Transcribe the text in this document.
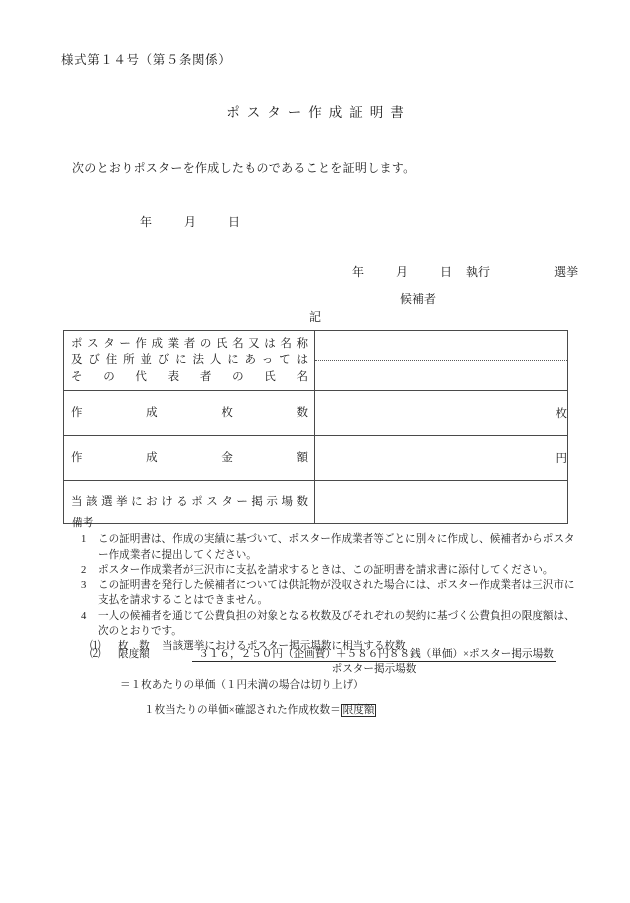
様式第１４号（第５条関係）
ポスター作成証明書
次のとおりポスターを作成したものであることを証明します。
年	月	日
年	月	日 執行	選挙
候補者
記
ポスター作成業者の氏名又は名称
及び住所並びに法人にあっては
その代表者の氏名	

作成枚数	枚

作成金額	円

当該選挙におけるポスター掲示場数	

備考
1	この証明書は、作成の実績に基づいて、ポスター作成業者等ごとに別々に作成し、候補者からポスター作成業者に提出してください。
2	ポスター作成業者が三沢市に支払を請求するときは、この証明書を請求書に添付してください。
3	この証明書を発行した候補者については供託物が没収された場合には、ポスター作成業者は三沢市に支払を請求することはできません。
4	一人の候補者を通じて公費負担の対象となる枚数及びそれぞれの契約に基づく公費負担の限度額は、次のとおりです。
⑴	枚　数 当該選挙におけるポスター掲示場数に相当する枚数
⑵	限度額	$\frac{\text{３１６，２５０円（企画費）＋５８６円８８銭（単価）×ポスター掲示場数}}{\text{ポスター掲示場数}}$
＝１枚あたりの単価（１円未満の場合は切り上げ）
１枚当たりの単価×確認された作成枚数＝ 限度額
